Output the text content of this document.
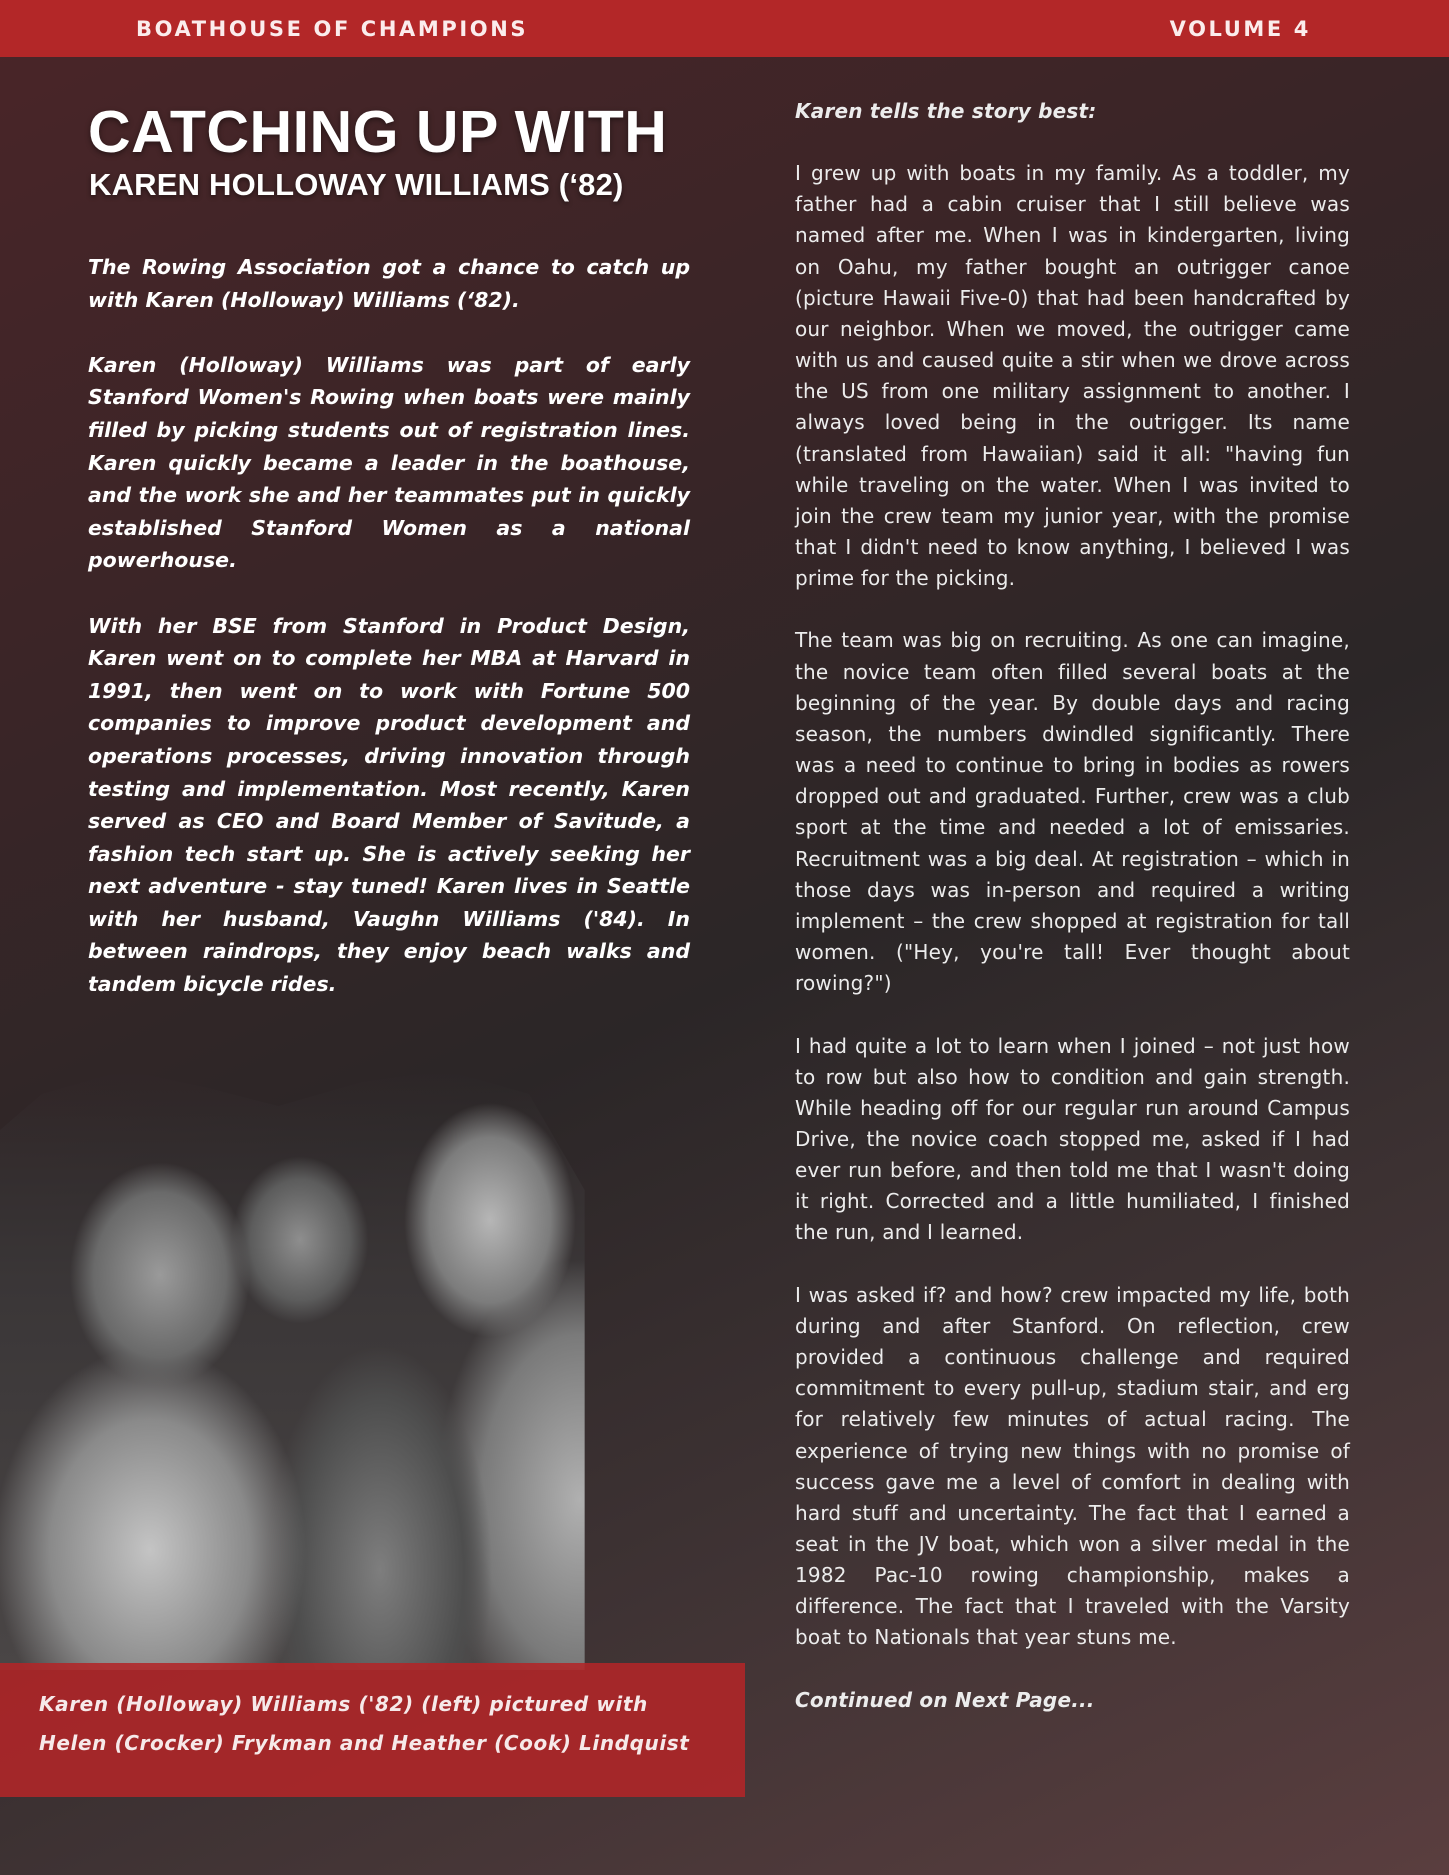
BOATHOUSE OF CHAMPIONS	VOLUME 4
CATCHING UP WITH
KAREN HOLLOWAY WILLIAMS (‘82)

The Rowing Association got a chance to catch up with Karen (Holloway) Williams (‘82).

Karen (Holloway) Williams was part of early Stanford Women's Rowing when boats were mainly filled by picking students out of registration lines. Karen quickly became a leader in the boathouse, and the work she and her teammates put in quickly established Stanford Women as a national powerhouse.

With her BSE from Stanford in Product Design, Karen went on to complete her MBA at Harvard in 1991, then went on to work with Fortune 500 companies to improve product development and operations processes, driving innovation through testing and implementation. Most recently, Karen served as CEO and Board Member of Savitude, a fashion tech start up. She is actively seeking her next adventure - stay tuned! Karen lives in Seattle with her husband, Vaughn Williams ('84). In between raindrops, they enjoy beach walks and tandem bicycle rides.

Karen (Holloway) Williams ('82) (left) pictured with
Helen (Crocker) Frykman and Heather (Cook) Lindquist

Karen tells the story best:

I grew up with boats in my family. As a toddler, my father had a cabin cruiser that I still believe was named after me. When I was in kindergarten, living on Oahu, my father bought an outrigger canoe (picture Hawaii Five-0) that had been handcrafted by our neighbor. When we moved, the outrigger came with us and caused quite a stir when we drove across the US from one military assignment to another. I always loved being in the outrigger. Its name (translated from Hawaiian) said it all: "having fun while traveling on the water. When I was invited to join the crew team my junior year, with the promise that I didn't need to know anything, I believed I was prime for the picking.

The team was big on recruiting. As one can imagine, the novice team often filled several boats at the beginning of the year. By double days and racing season, the numbers dwindled significantly. There was a need to continue to bring in bodies as rowers dropped out and graduated. Further, crew was a club sport at the time and needed a lot of emissaries. Recruitment was a big deal. At registration – which in those days was in-person and required a writing implement – the crew shopped at registration for tall women. ("Hey, you're tall! Ever thought about rowing?")

I had quite a lot to learn when I joined – not just how to row but also how to condition and gain strength. While heading off for our regular run around Campus Drive, the novice coach stopped me, asked if I had ever run before, and then told me that I wasn't doing it right. Corrected and a little humiliated, I finished the run, and I learned.

I was asked if? and how? crew impacted my life, both during and after Stanford. On reflection, crew provided a continuous challenge and required commitment to every pull-up, stadium stair, and erg for relatively few minutes of actual racing. The experience of trying new things with no promise of success gave me a level of comfort in dealing with hard stuff and uncertainty. The fact that I earned a seat in the JV boat, which won a silver medal in the 1982 Pac-10 rowing championship, makes a difference. The fact that I traveled with the Varsity boat to Nationals that year stuns me.

Continued on Next Page...
